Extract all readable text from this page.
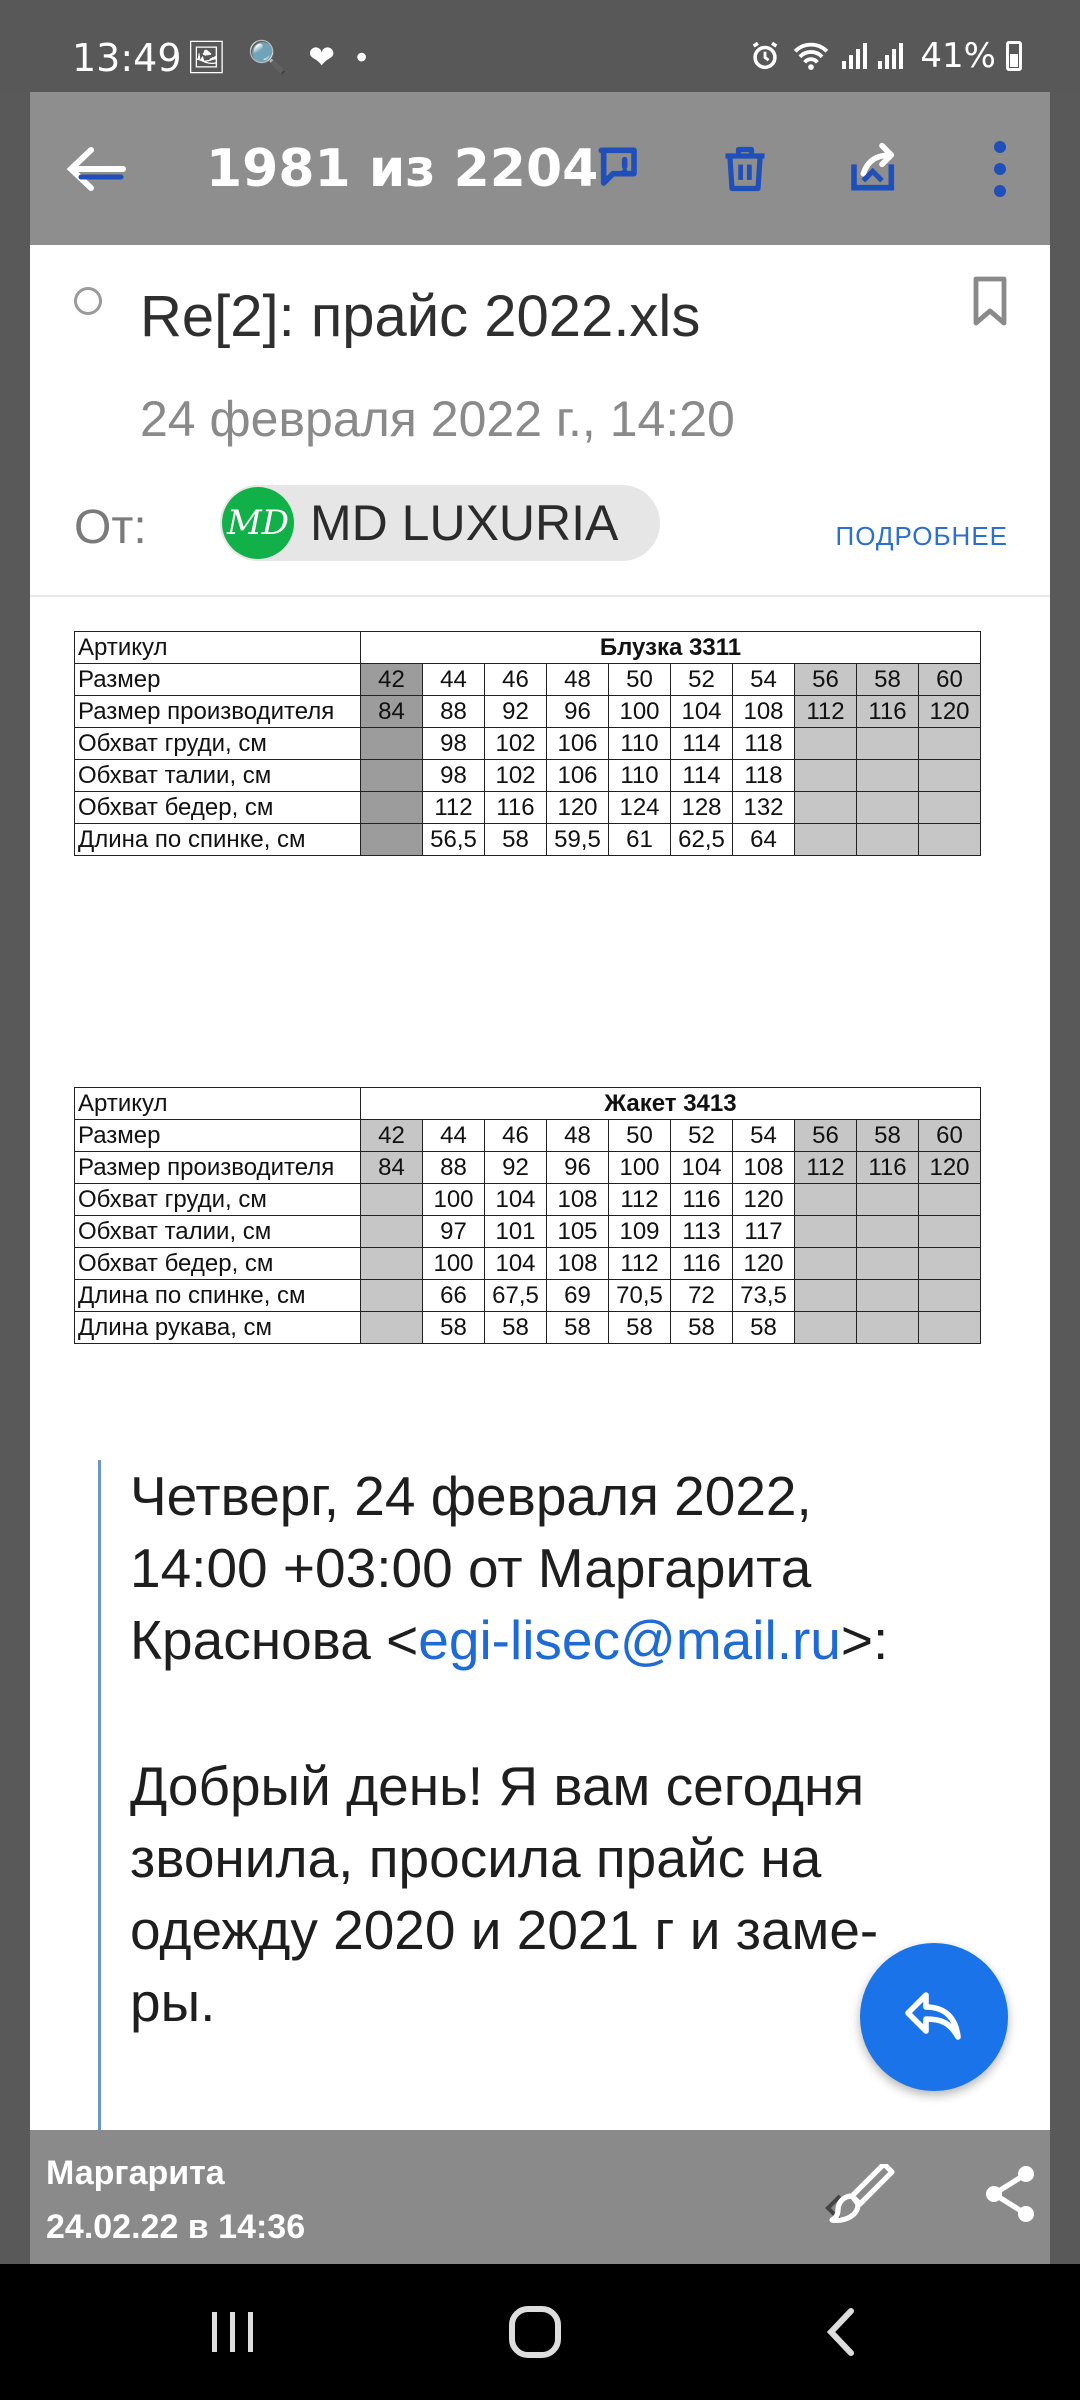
13:49 🖼 🔍 ❤ •	41%
1981 из 2204
Re[2]: прайс 2022.xls
24 февраля 2022 г., 14:20
От: MD MD LUXURIA	ПОДРОБНЕЕ
Артикул	Блузка 3311									
Размер	42	44	46	48	50	52	54	56	58	60
Размер производителя	84	88	92	96	100	104	108	112	116	120
Обхват груди, см		98	102	106	110	114	118			
Обхват талии, см		98	102	106	110	114	118			
Обхват бедер, см		112	116	120	124	128	132			
Длина по спинке, см		56,5	58	59,5	61	62,5	64			
Артикул	Жакет 3413									
Размер	42	44	46	48	50	52	54	56	58	60
Размер производителя	84	88	92	96	100	104	108	112	116	120
Обхват груди, см		100	104	108	112	116	120			
Обхват талии, см		97	101	105	109	113	117			
Обхват бедер, см		100	104	108	112	116	120			
Длина по спинке, см		66	67,5	69	70,5	72	73,5			
Длина рукава, см		58	58	58	58	58	58			
Четверг, 24 февраля 2022,
14:00 +03:00 от Маргарита
Краснова <egi-lisec@mail.ru>:
Добрый день! Я вам сегодня
звонила, просила прайс на
одежду 2020 и 2021 г и заме-
ры.
Маргарита
24.02.22 в 14:36
